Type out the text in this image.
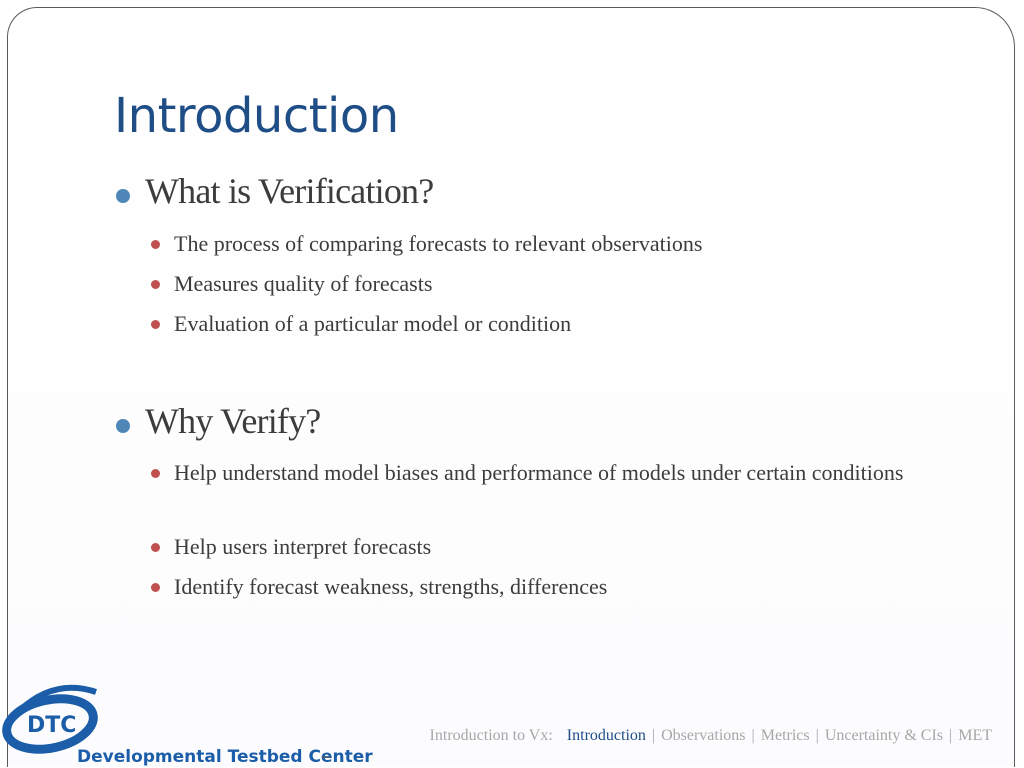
Introduction
What is Verification?
The process of comparing forecasts to relevant observations
Measures quality of forecasts
Evaluation of a particular model or condition
Why Verify?
Help understand model biases and performance of models under certain conditions
Help users interpret forecasts
Identify forecast weakness, strengths, differences
DTC
Developmental Testbed Center
Introduction to Vx: Introduction | Observations | Metrics | Uncertainty & CIs | MET
